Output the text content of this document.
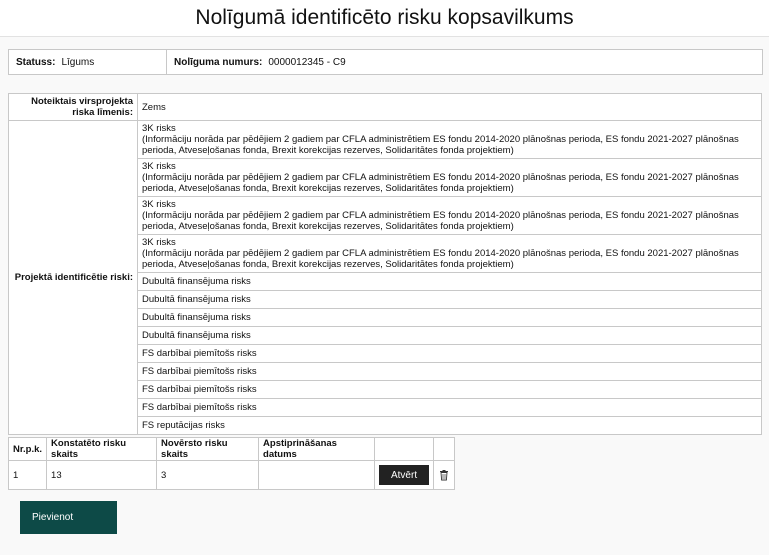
Nolīgumā identificēto risku kopsavilkums
Statuss: Līgums	Nolīguma numurs: 0000012345 - C9
Noteiktais virsprojekta riska līmenis:	Zems
Projektā identificētie riski:	3K risks
(Informāciju norāda par pēdējiem 2 gadiem par CFLA administrētiem ES fondu 2014-2020 plānošnas perioda, ES fondu 2021-2027 plānošnas perioda, Atveseļošanas fonda, Brexit korekcijas rezerves, Solidaritātes fonda projektiem)

	3K risks
(Informāciju norāda par pēdējiem 2 gadiem par CFLA administrētiem ES fondu 2014-2020 plānošnas perioda, ES fondu 2021-2027 plānošnas perioda, Atveseļošanas fonda, Brexit korekcijas rezerves, Solidaritātes fonda projektiem)

	3K risks
(Informāciju norāda par pēdējiem 2 gadiem par CFLA administrētiem ES fondu 2014-2020 plānošnas perioda, ES fondu 2021-2027 plānošnas perioda, Atveseļošanas fonda, Brexit korekcijas rezerves, Solidaritātes fonda projektiem)

	3K risks
(Informāciju norāda par pēdējiem 2 gadiem par CFLA administrētiem ES fondu 2014-2020 plānošnas perioda, ES fondu 2021-2027 plānošnas perioda, Atveseļošanas fonda, Brexit korekcijas rezerves, Solidaritātes fonda projektiem)

	Dubultā finansējuma risks

	Dubultā finansējuma risks

	Dubultā finansējuma risks

	Dubultā finansējuma risks

	FS darbībai piemītošs risks

	FS darbībai piemītošs risks

	FS darbībai piemītošs risks

	FS darbībai piemītošs risks

	FS reputācijas risks
Nr.p.k.	Konstatēto risku skaits	Novērsto risku skaits	Apstiprināšanas datums		
1	13	3		Atvērt	
Pievienot
